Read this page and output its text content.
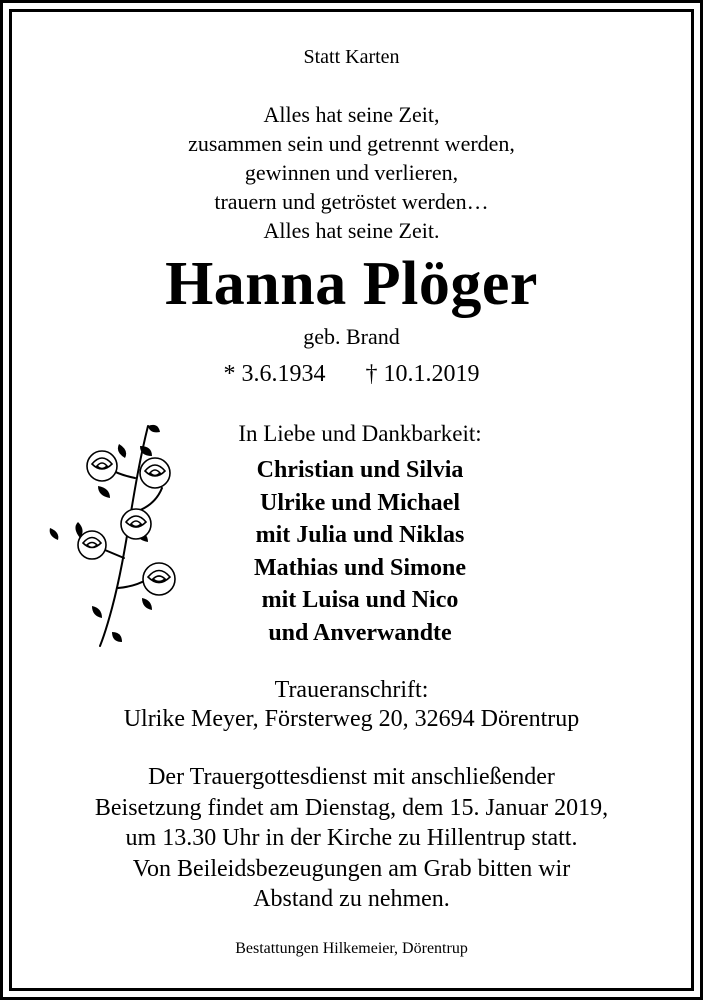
Statt Karten
Alles hat seine Zeit,
zusammen sein und getrennt werden,
gewinnen und verlieren,
trauern und getröstet werden…
Alles hat seine Zeit.
Hanna Plöger
geb. Brand
* 3.6.1934 † 10.1.2019
In Liebe und Dankbarkeit:
Christian und Silvia
Ulrike und Michael
mit Julia und Niklas
Mathias und Simone
mit Luisa und Nico
und Anverwandte
Traueranschrift:
Ulrike Meyer, Försterweg 20, 32694 Dörentrup
Der Trauergottesdienst mit anschließender
Beisetzung findet am Dienstag, dem 15. Januar 2019,
um 13.30 Uhr in der Kirche zu Hillentrup statt.
Von Beileidsbezeugungen am Grab bitten wir
Abstand zu nehmen.
Bestattungen Hilkemeier, Dörentrup
